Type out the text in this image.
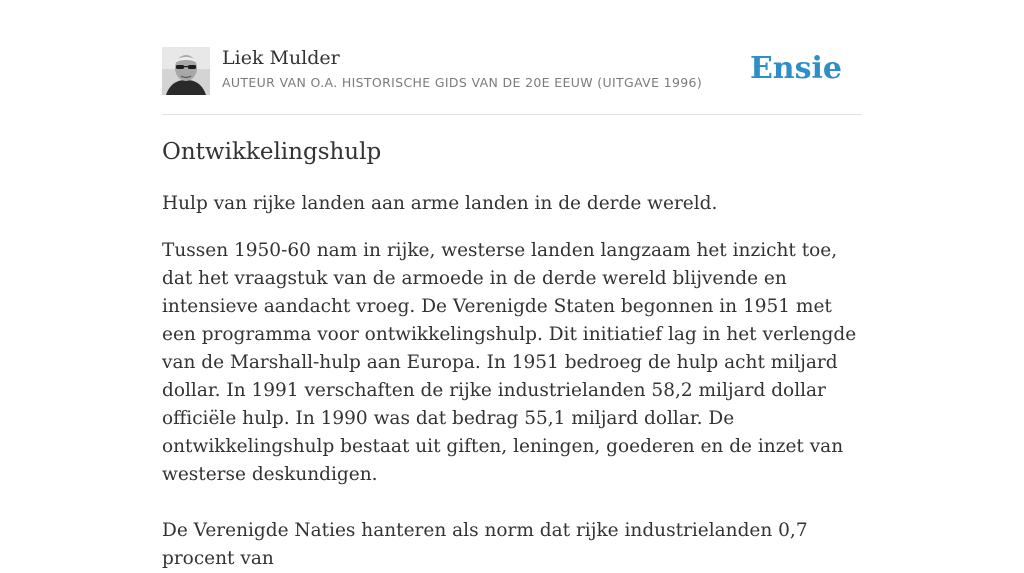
Liek Mulder
AUTEUR VAN O.A. HISTORISCHE GIDS VAN DE 20E EEUW (UITGAVE 1996) Ensie
Ontwikkelingshulp

Hulp van rijke landen aan arme landen in de derde wereld.

Tussen 1950-60 nam in rijke, westerse landen langzaam het inzicht toe, dat het vraagstuk van de armoede in de derde wereld blijvende en intensieve aandacht vroeg. De Verenigde Staten begonnen in 1951 met een programma voor ontwikkelingshulp. Dit initiatief lag in het verlengde van de Marshall-hulp aan Europa. In 1951 bedroeg de hulp acht miljard dollar. In 1991 verschaften de rijke industrielanden 58,2 miljard dollar officiële hulp. In 1990 was dat bedrag 55,1 miljard dollar. De ontwikkelingshulp bestaat uit giften, leningen, goederen en de inzet van westerse deskundigen.

De Verenigde Naties hanteren als norm dat rijke industrielanden 0,7 procent van
